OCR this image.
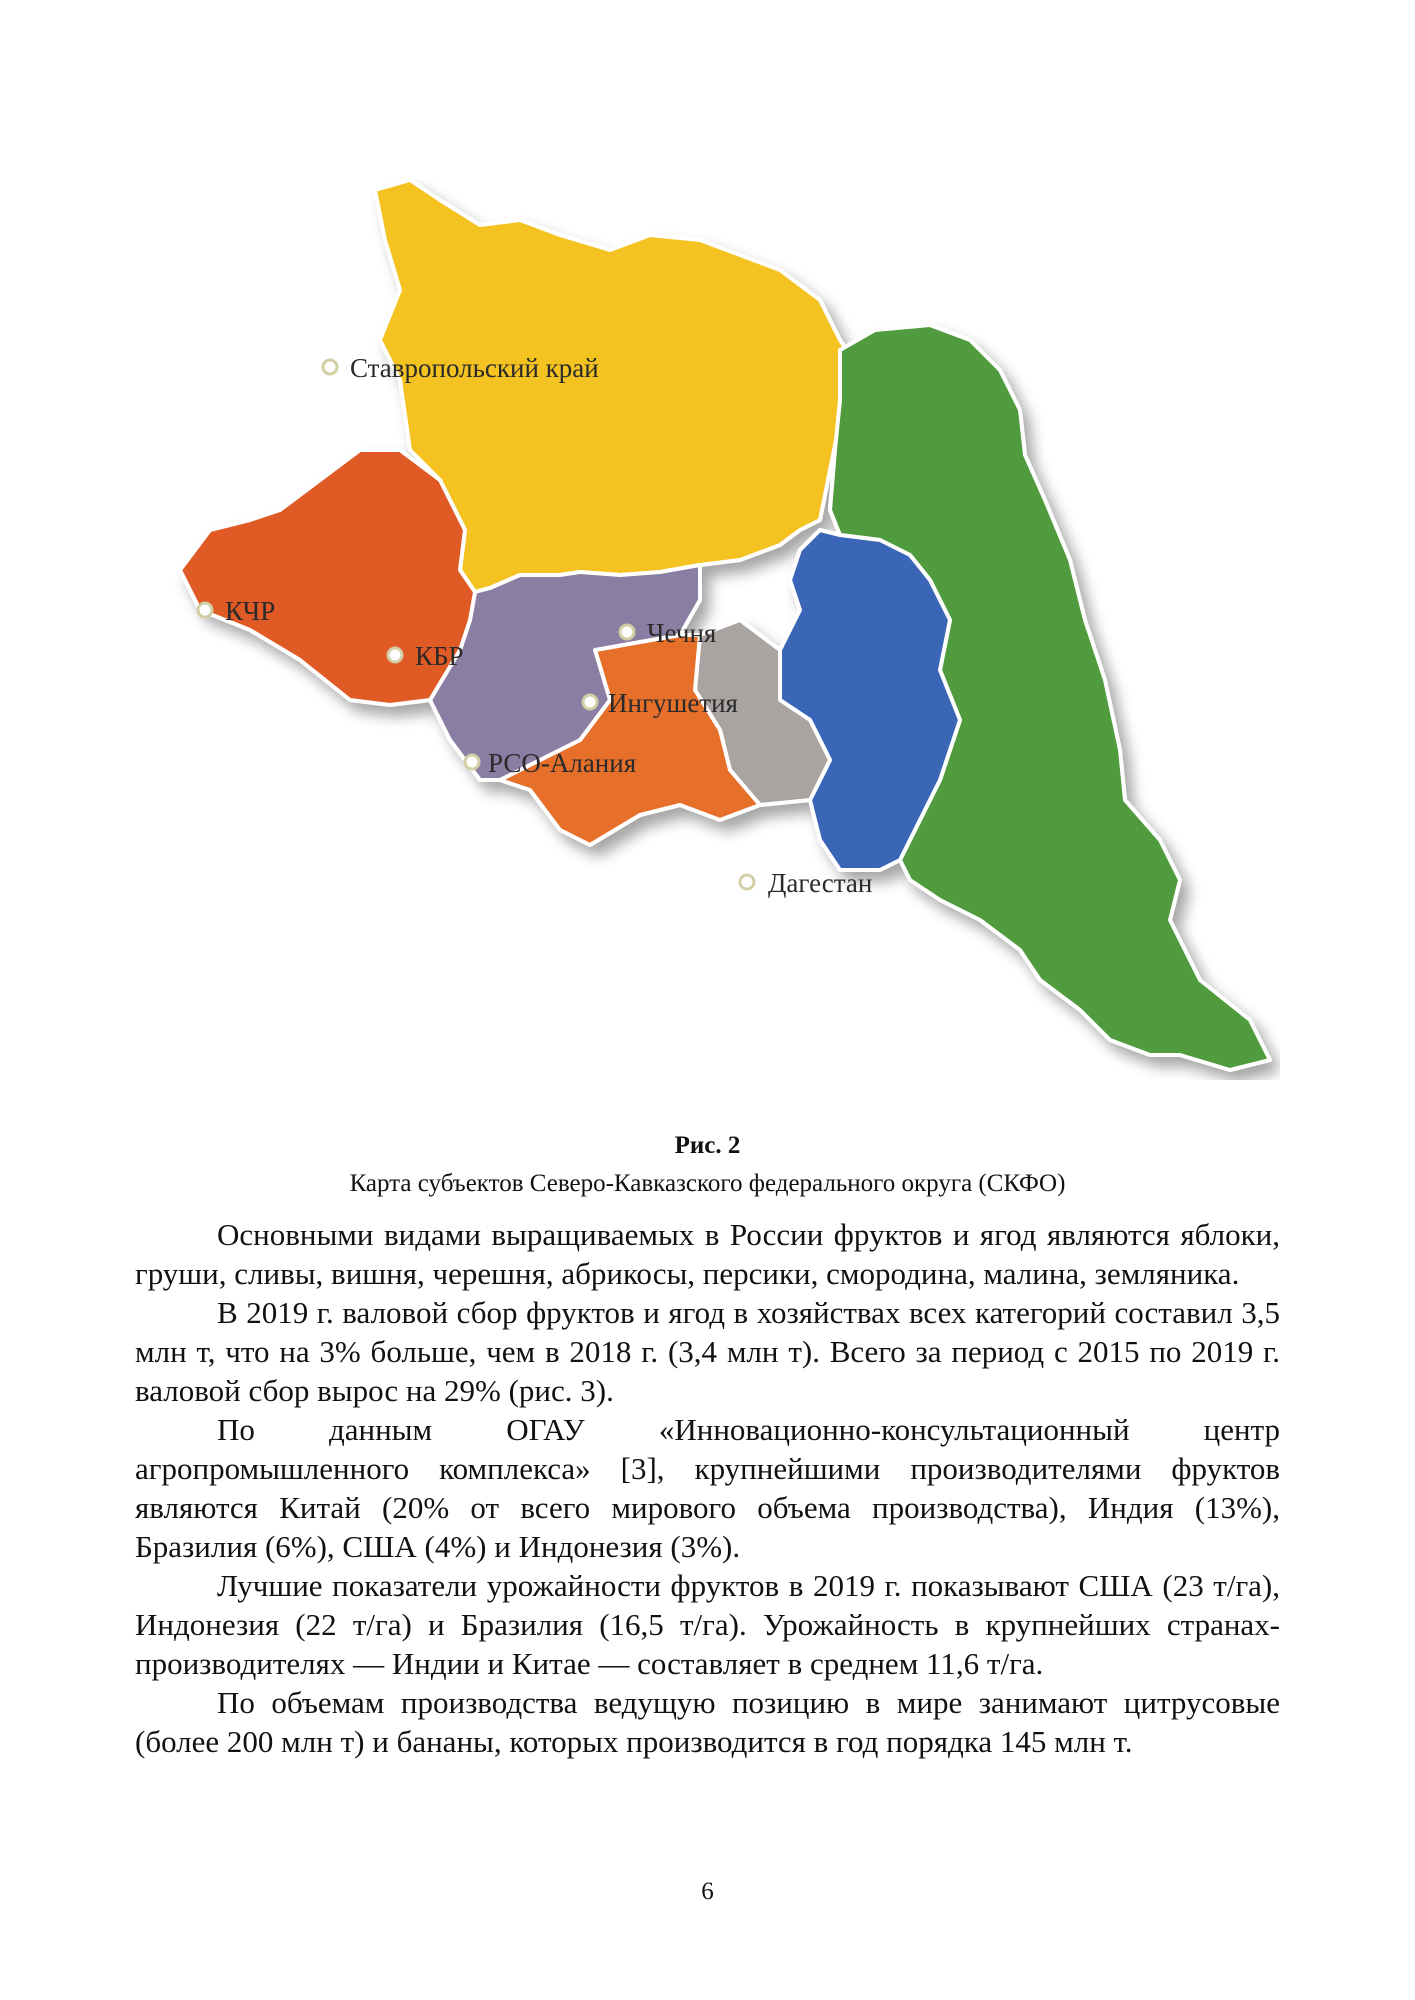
Ставропольский край
КЧР
КБР
РСО-Алания
Ингушетия
Чечня
Дагестан
Рис. 2
Карта субъектов Северо-Кавказского федерального округа (СКФО)

Основными видами выращиваемых в России фруктов и ягод являются яблоки, груши, сливы, вишня, черешня, абрикосы, персики, смородина, малина, земляника.

В 2019 г. валовой сбор фруктов и ягод в хозяйствах всех категорий составил 3,5 млн т, что на 3% больше, чем в 2018 г. (3,4 млн т). Всего за период с 2015 по 2019 г. валовой сбор вырос на 29% (рис. 3).

По данным ОГАУ «Инновационно-консультационный центр агропромышленного комплекса» [3], крупнейшими производителями фруктов являются Китай (20% от всего мирового объема производства), Индия (13%), Бразилия (6%), США (4%) и Индонезия (3%).

Лучшие показатели урожайности фруктов в 2019 г. показывают США (23 т/га), Индонезия (22 т/га) и Бразилия (16,5 т/га). Урожайность в крупнейших странах-производителях — Индии и Китае — составляет в среднем 11,6 т/га.

По объемам производства ведущую позицию в мире занимают цитрусовые (более 200 млн т) и бананы, которых производится в год порядка 145 млн т.

6
